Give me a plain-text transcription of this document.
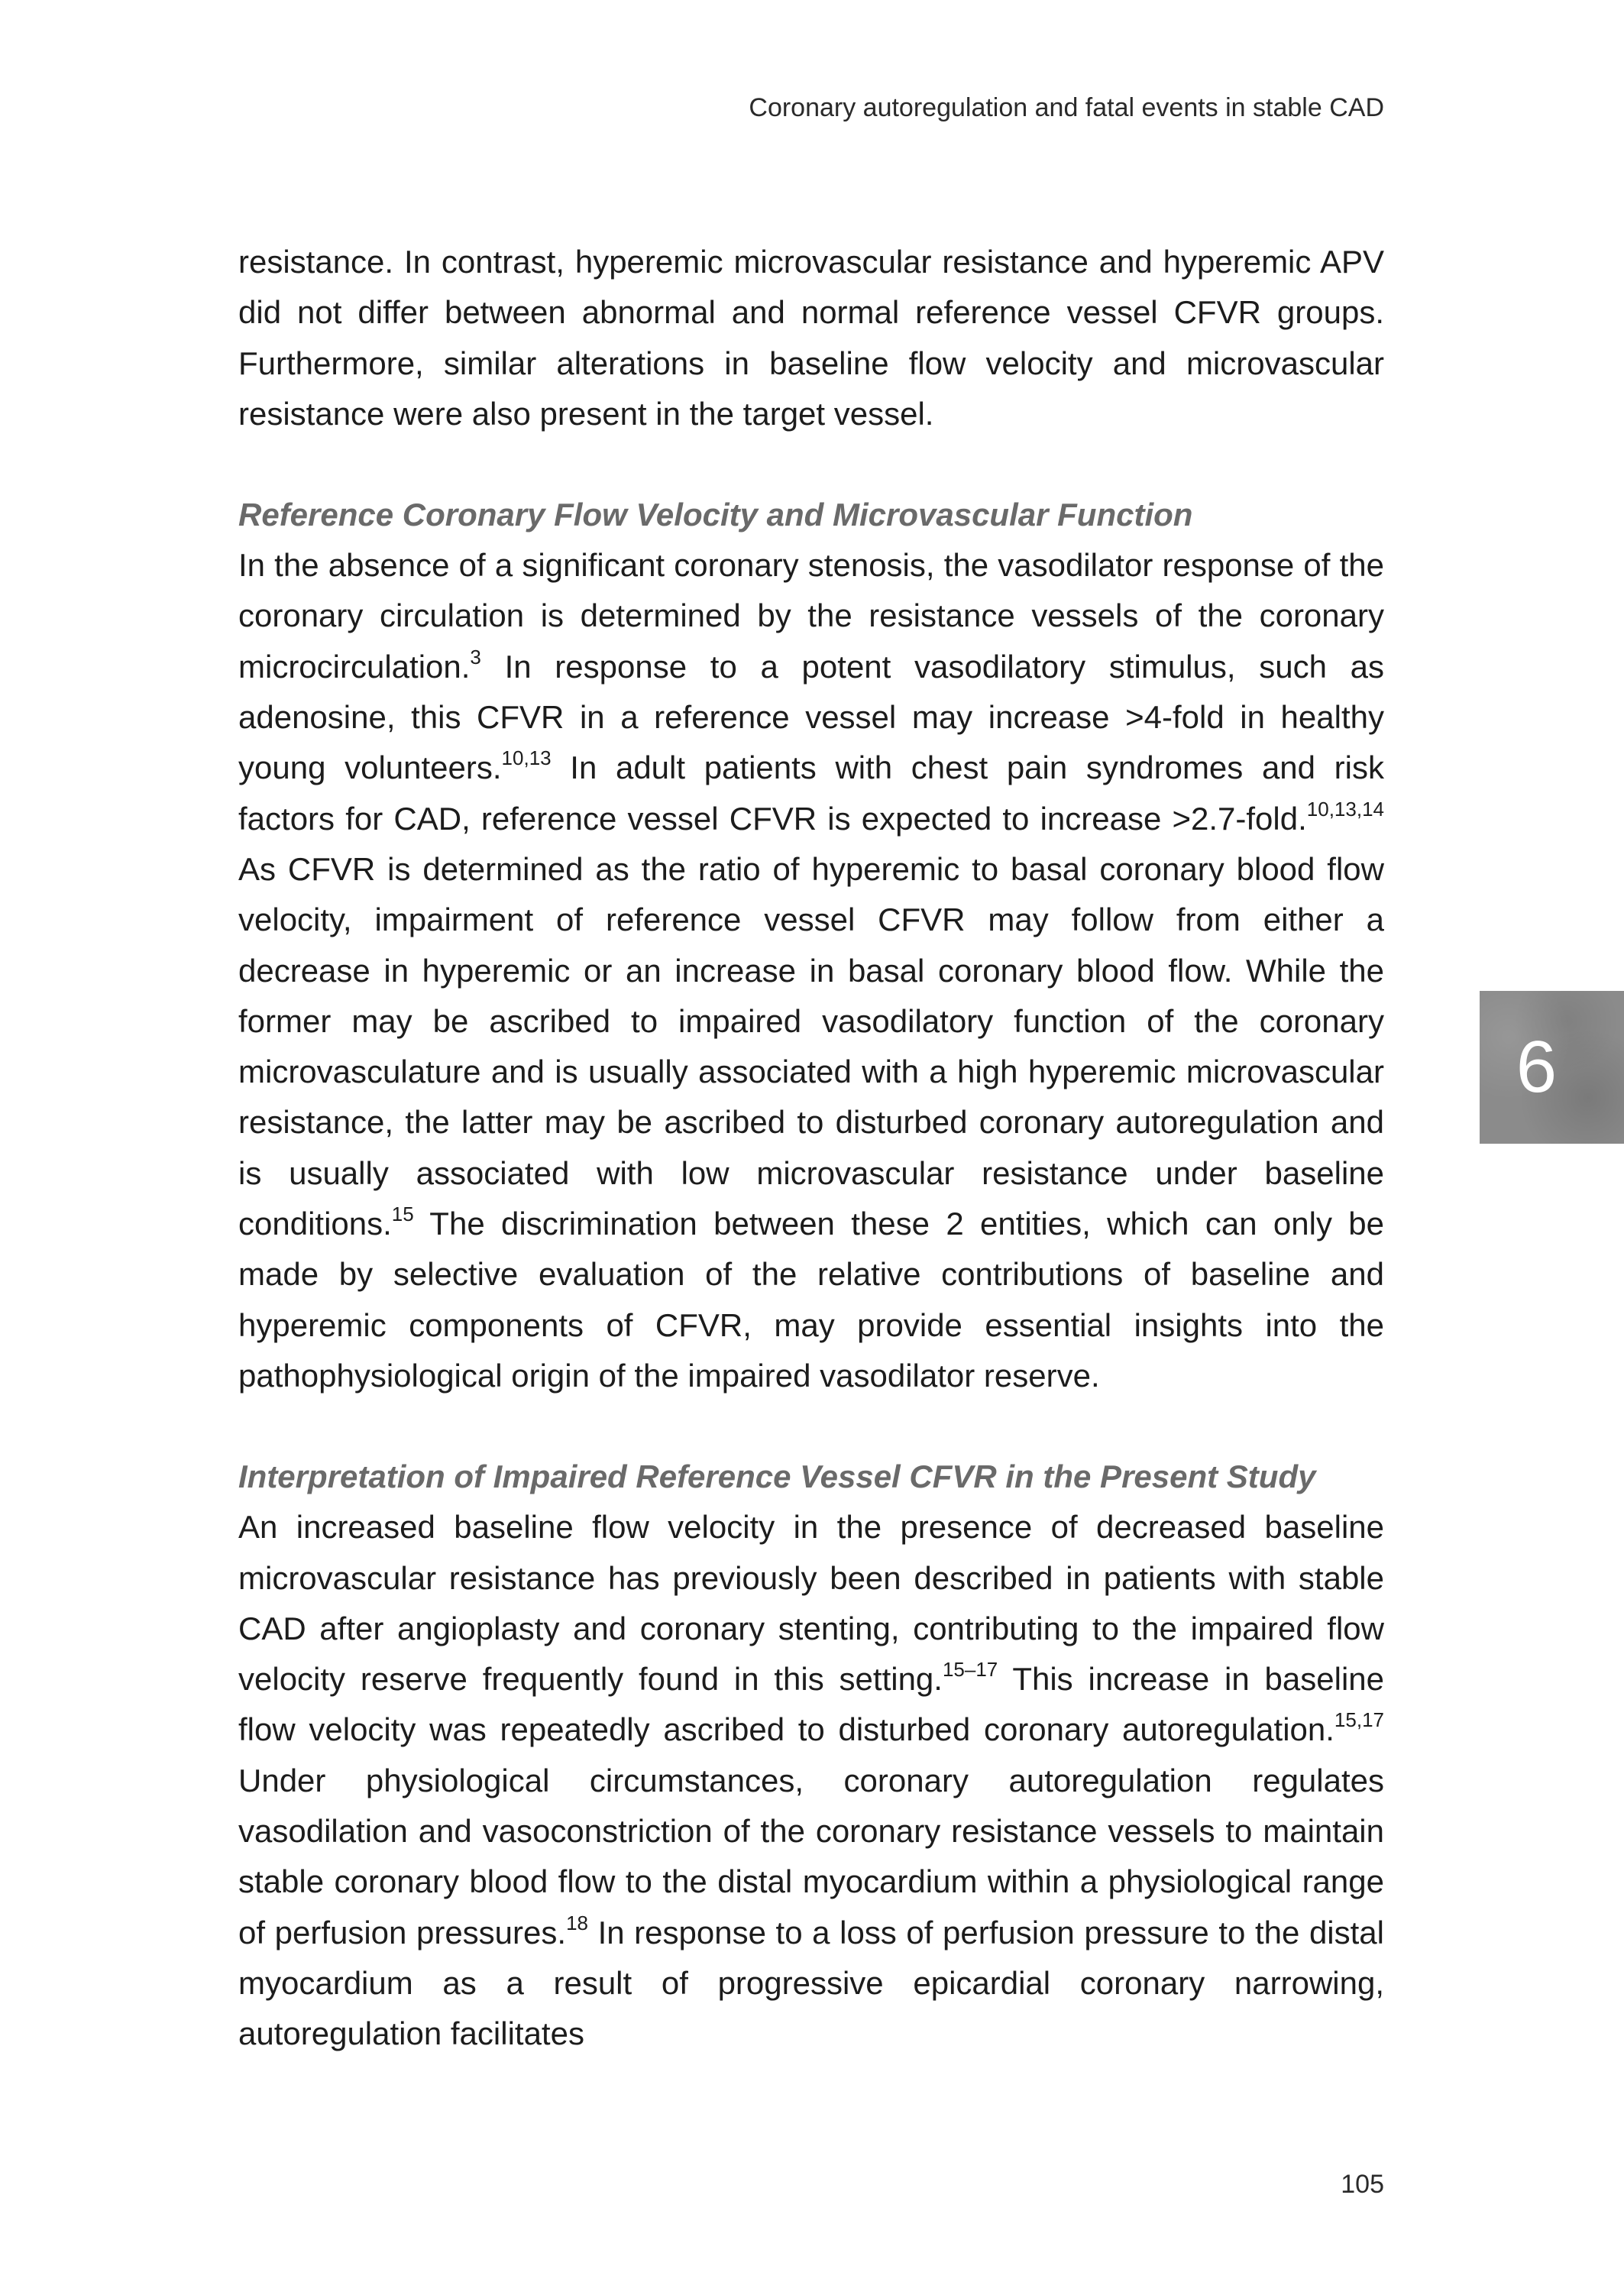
Coronary autoregulation and fatal events in stable CAD

resistance. In contrast, hyperemic microvascular resistance and hyperemic APV did not differ between abnormal and normal reference vessel CFVR groups. Furthermore, similar alterations in baseline flow velocity and microvascular resistance were also present in the target vessel.

Reference Coronary Flow Velocity and Microvascular Function

In the absence of a significant coronary stenosis, the vasodilator response of the coronary circulation is determined by the resistance vessels of the coronary microcirculation.$^3$ In response to a potent vasodilatory stimulus, such as adenosine, this CFVR in a reference vessel may increase >4-fold in healthy young volunteers.$^{10,13}$ In adult patients with chest pain syndromes and risk factors for CAD, reference vessel CFVR is expected to increase >2.7-fold.$^{10,13,14}$ As CFVR is determined as the ratio of hyperemic to basal coronary blood flow velocity, impairment of reference vessel CFVR may follow from either a decrease in hyperemic or an increase in basal coronary blood flow. While the former may be ascribed to impaired vasodilatory function of the coronary microvasculature and is usually associated with a high hyperemic microvascular resistance, the latter may be ascribed to disturbed coronary autoregulation and is usually associated with low microvascular resistance under baseline conditions.$^{15}$ The discrimination between these 2 entities, which can only be made by selective evaluation of the relative contributions of baseline and hyperemic components of CFVR, may provide essential insights into the pathophysiological origin of the impaired vasodilator reserve.

Interpretation of Impaired Reference Vessel CFVR in the Present Study

An increased baseline flow velocity in the presence of decreased baseline microvascular resistance has previously been described in patients with stable CAD after angioplasty and coronary stenting, contributing to the impaired flow velocity reserve frequently found in this setting.$^{15-17}$ This increase in baseline flow velocity was repeatedly ascribed to disturbed coronary autoregulation.$^{15,17}$ Under physiological circumstances, coronary autoregulation regulates vasodilation and vasoconstriction of the coronary resistance vessels to maintain stable coronary blood flow to the distal myocardium within a physiological range of perfusion pressures.$^{18}$ In response to a loss of perfusion pressure to the distal myocardium as a result of progressive epicardial coronary narrowing, autoregulation facilitates

6
105
